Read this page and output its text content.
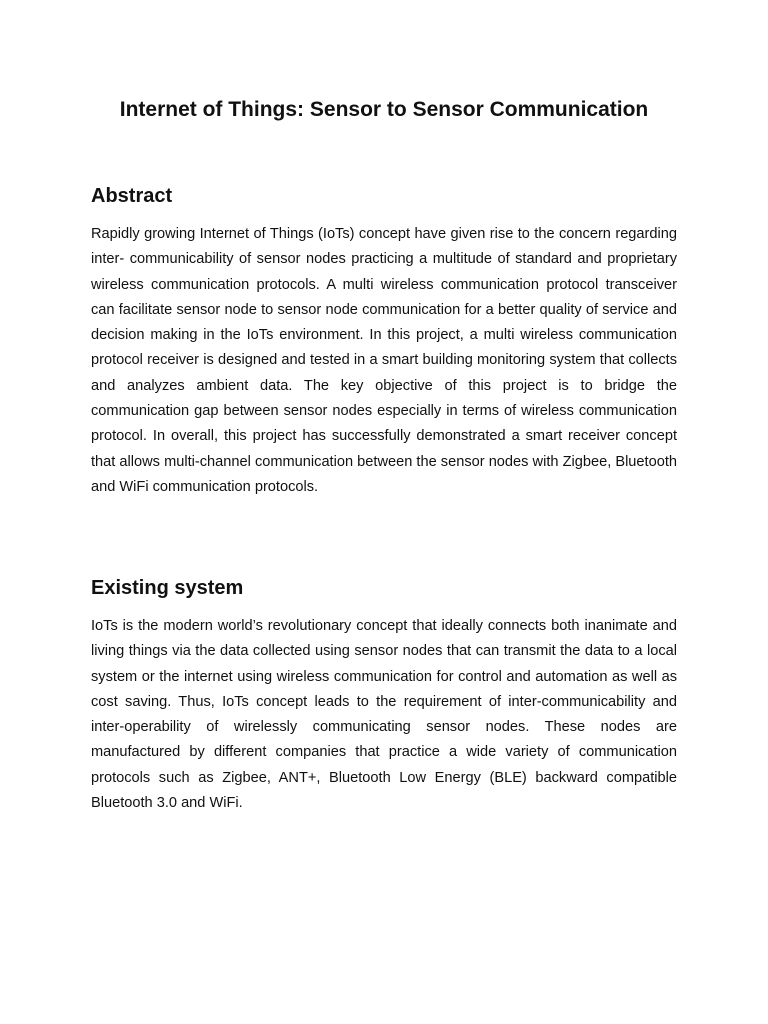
Internet of Things: Sensor to Sensor Communication
Abstract

Rapidly growing Internet of Things (IoTs) concept have given rise to the concern regarding inter- communicability of sensor nodes practicing a multitude of standard and proprietary wireless communication protocols. A multi wireless communication protocol transceiver can facilitate sensor node to sensor node communication for a better quality of service and decision making in the IoTs environment. In this project, a multi wireless communication protocol receiver is designed and tested in a smart building monitoring system that collects and analyzes ambient data. The key objective of this project is to bridge the communication gap between sensor nodes especially in terms of wireless communication protocol. In overall, this project has successfully demonstrated a smart receiver concept that allows multi-channel communication between the sensor nodes with Zigbee, Bluetooth and WiFi communication protocols.

Existing system

IoTs is the modern world’s revolutionary concept that ideally connects both inanimate and living things via the data collected using sensor nodes that can transmit the data to a local system or the internet using wireless communication for control and automation as well as cost saving. Thus, IoTs concept leads to the requirement of inter-communicability and inter-operability of wirelessly communicating sensor nodes. These nodes are manufactured by different companies that practice a wide variety of communication protocols such as Zigbee, ANT+, Bluetooth Low Energy (BLE) backward compatible Bluetooth 3.0 and WiFi.
